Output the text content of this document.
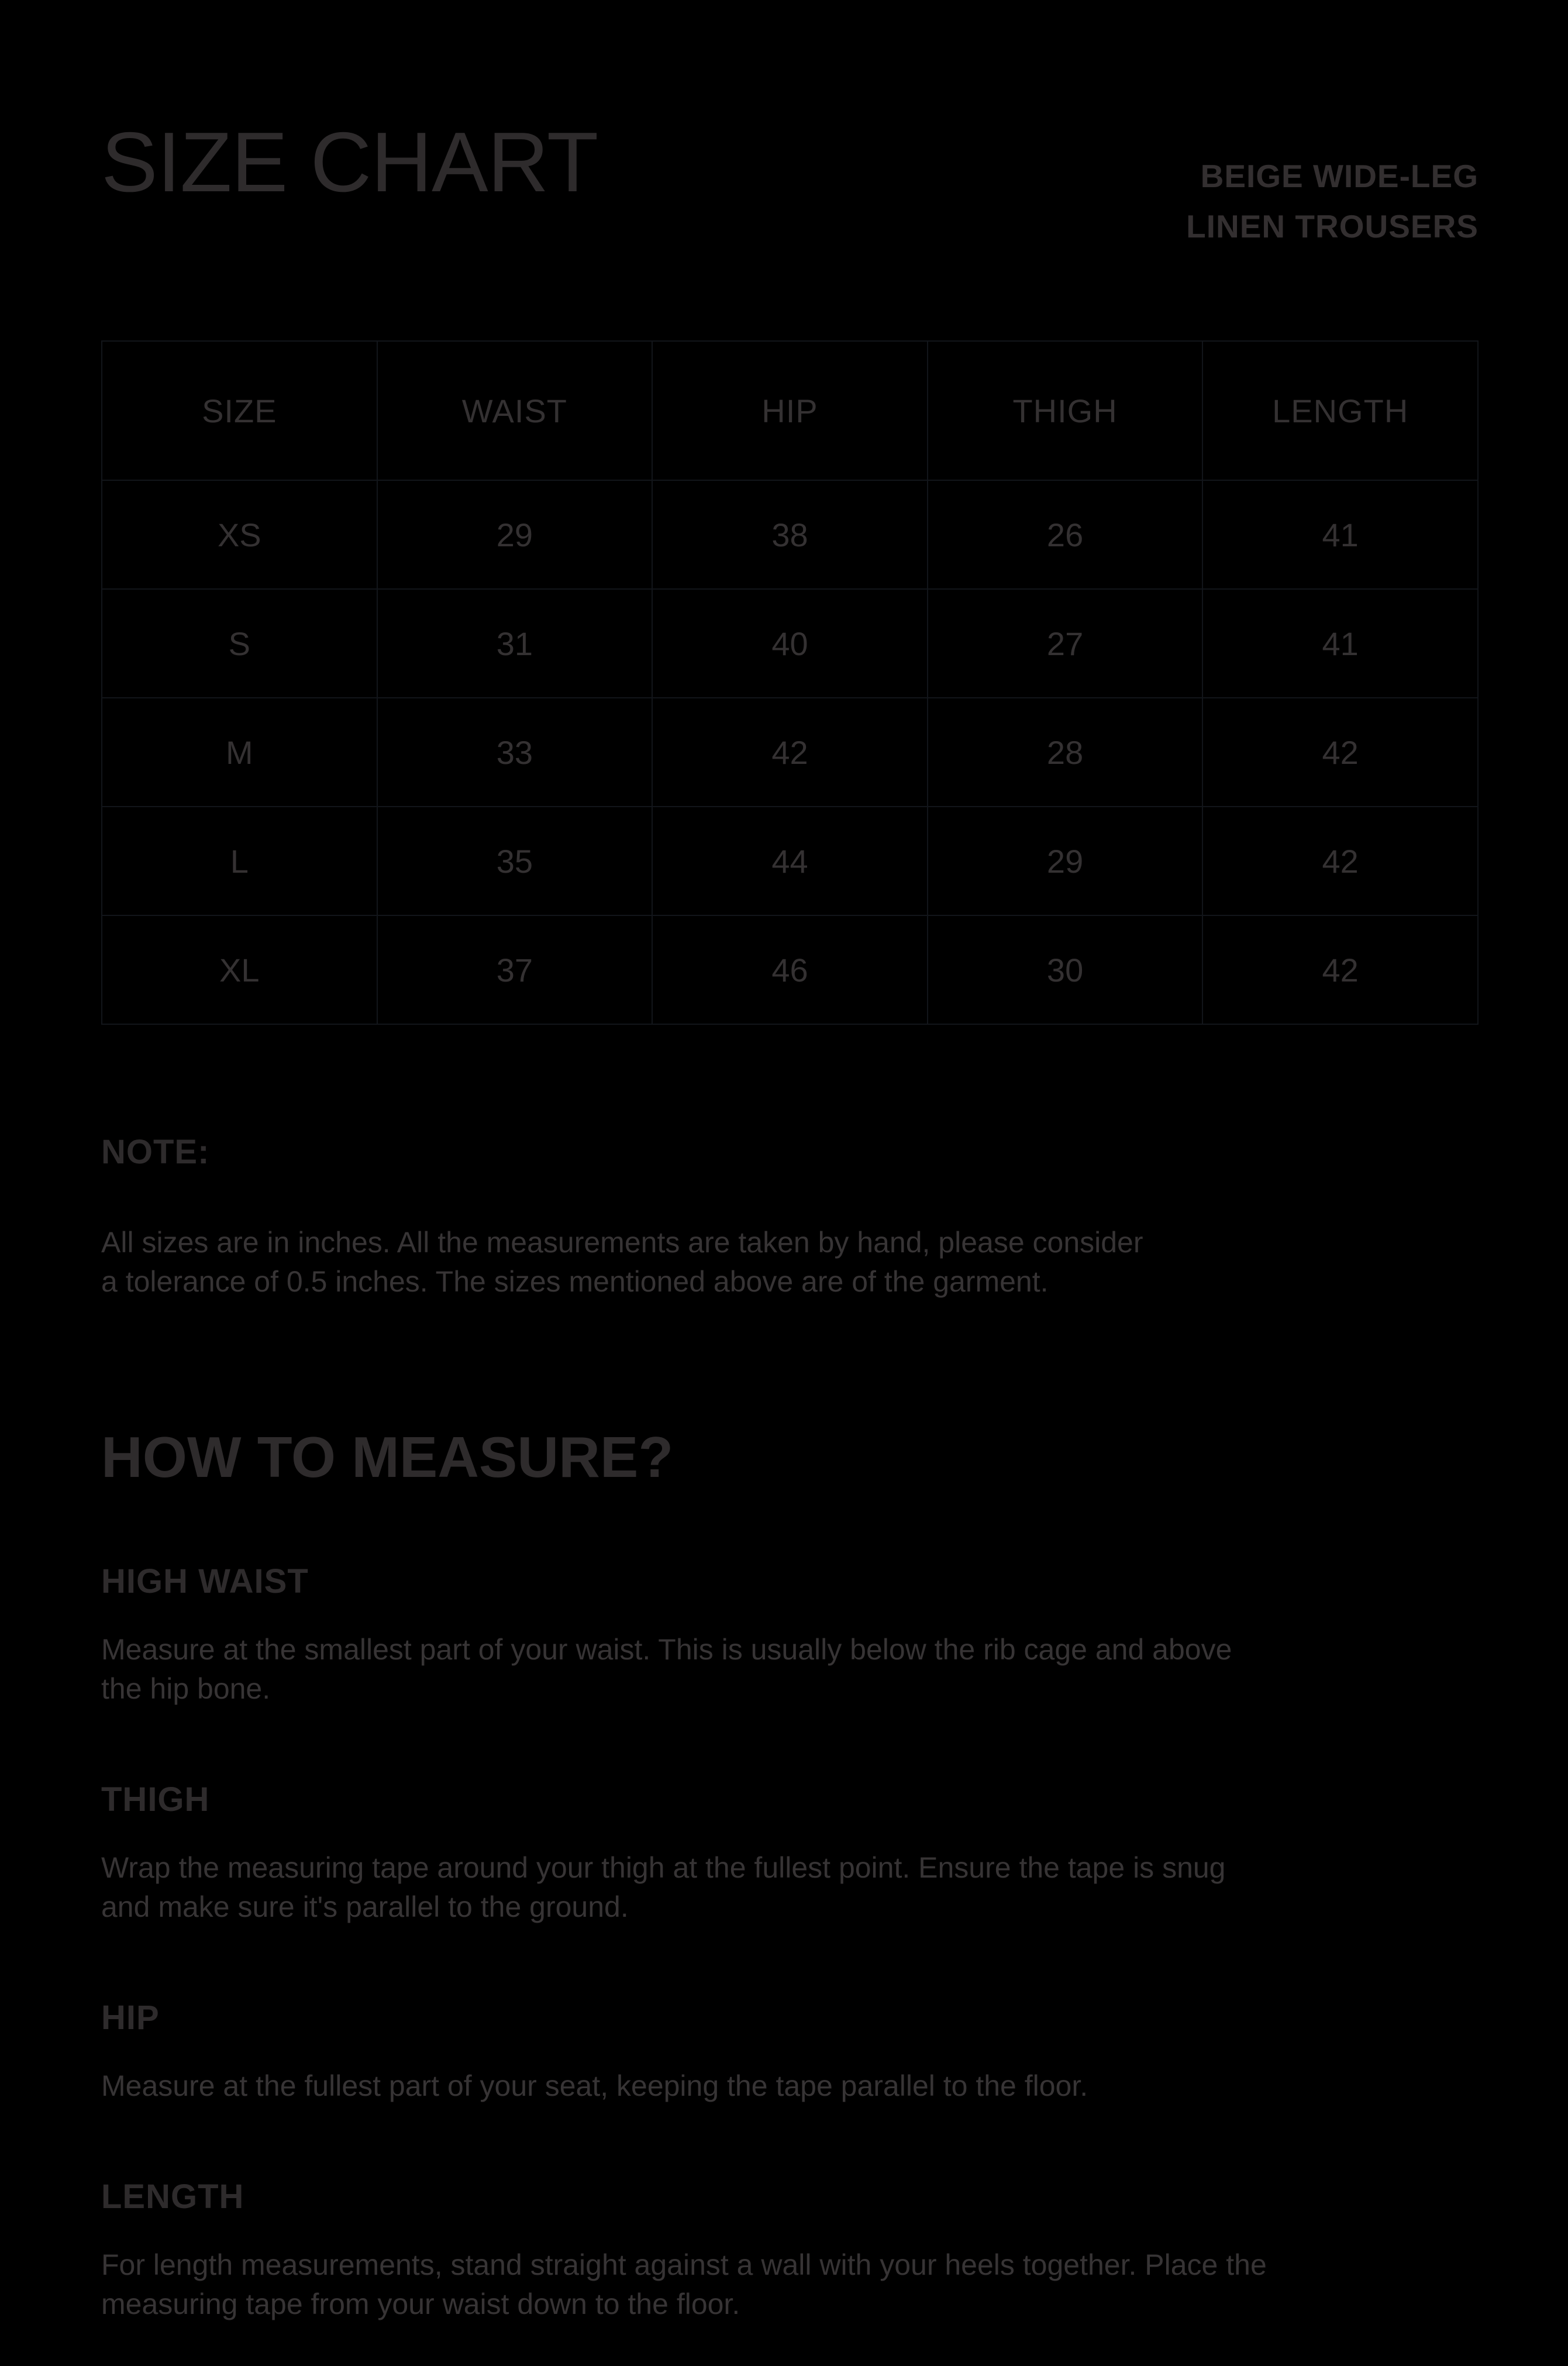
SIZE CHART	BEIGE WIDE-LEG
LINEN TROUSERS
SIZE	WAIST	HIP	THIGH	LENGTH
XS	29	38	26	41
S	31	40	27	41
M	33	42	28	42
L	35	44	29	42
XL	37	46	30	42
NOTE:
All sizes are in inches. All the measurements are taken by hand, please consider
a tolerance of 0.5 inches. The sizes mentioned above are of the garment.
HOW TO MEASURE?
HIGH WAIST
Measure at the smallest part of your waist. This is usually below the rib cage and above
the hip bone.
THIGH
Wrap the measuring tape around your thigh at the fullest point. Ensure the tape is snug
and make sure it's parallel to the ground.
HIP
Measure at the fullest part of your seat, keeping the tape parallel to the floor.
LENGTH
For length measurements, stand straight against a wall with your heels together. Place the
measuring tape from your waist down to the floor.
